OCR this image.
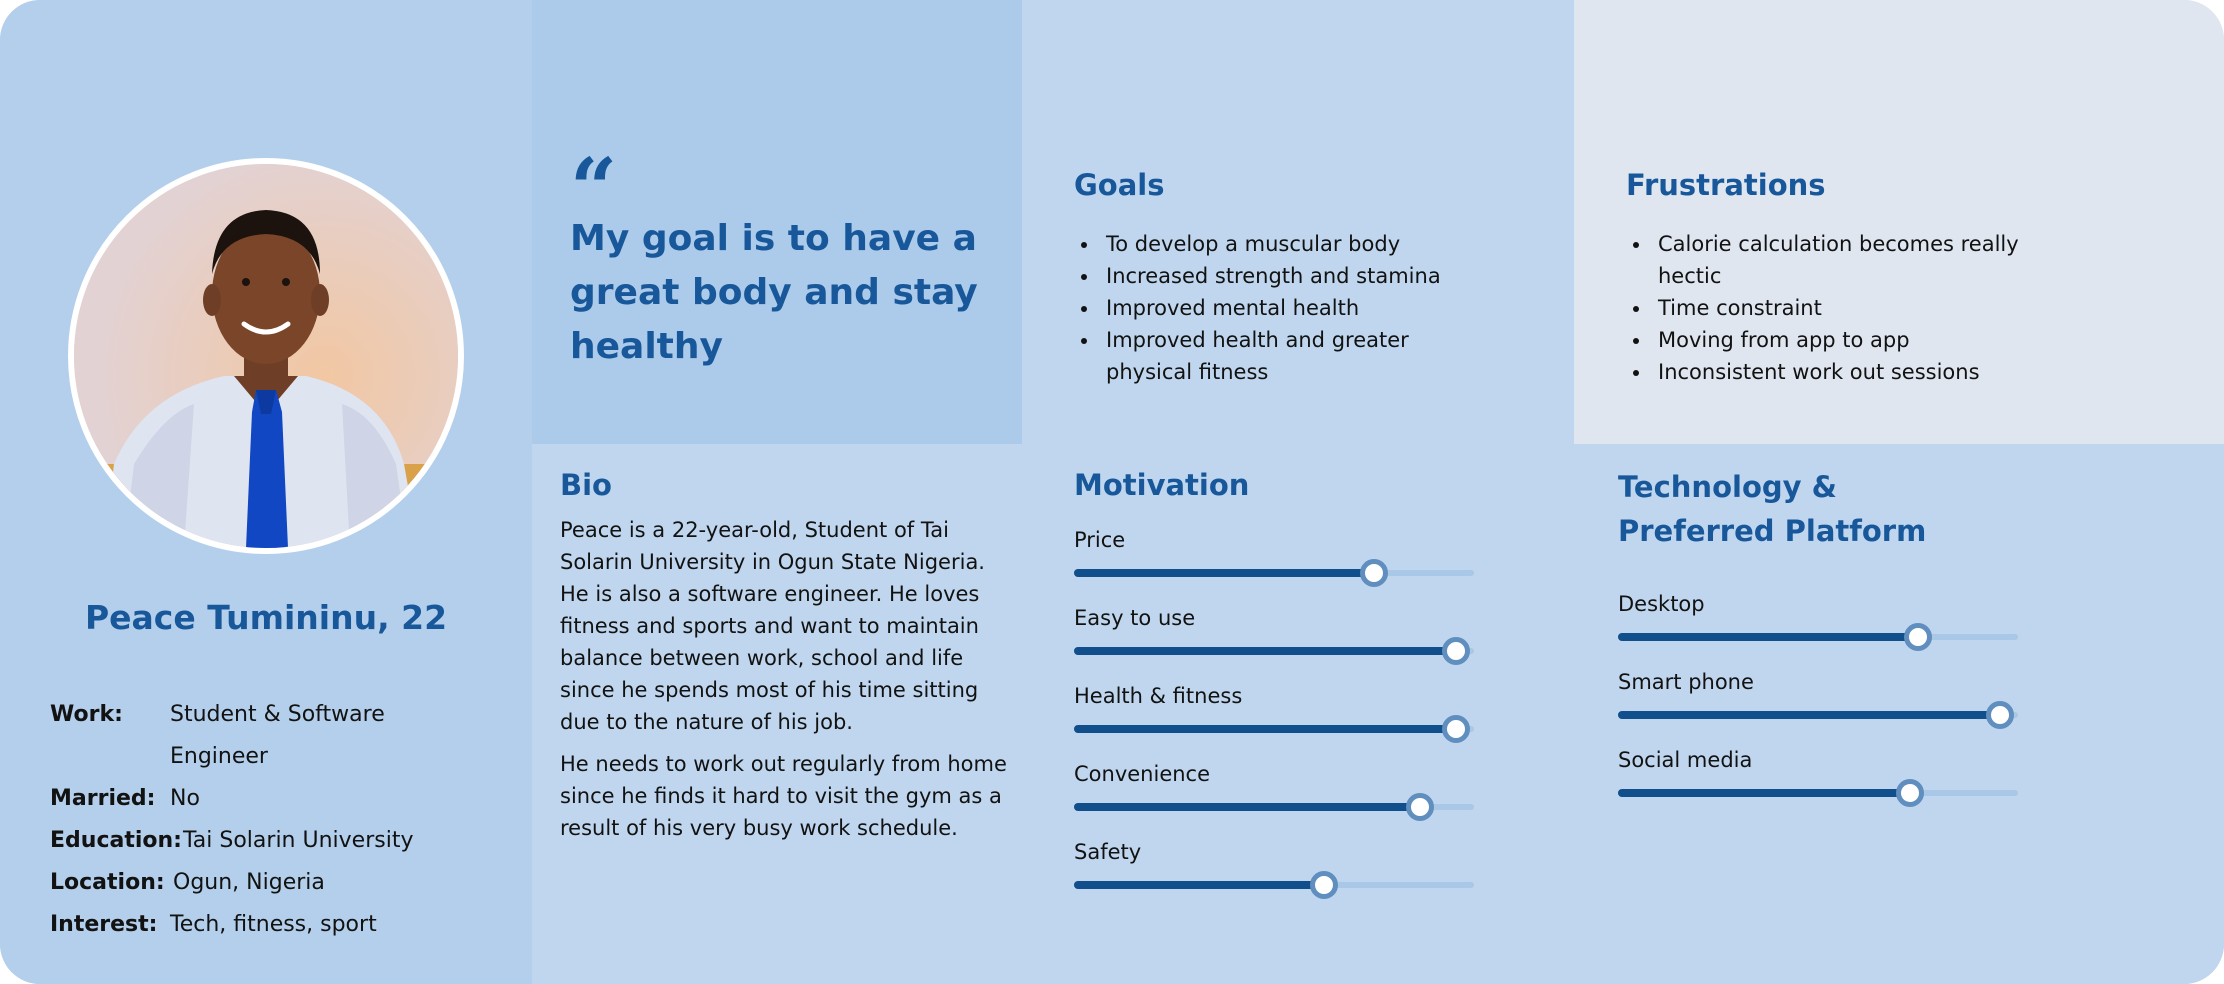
Peace Tumininu, 22
Work: Student & Software
Engineer
Married: No
Education: Tai Solarin University
Location: Ogun, Nigeria
Interest: Tech, fitness, sport
“
My goal is to have a great body and stay healthy
Goals
• To develop a muscular body
• Increased strength and stamina
• Improved mental health
• Improved health and greater physical fitness
Frustrations
• Calorie calculation becomes really hectic
• Time constraint
• Moving from app to app
• Inconsistent work out sessions
Bio

Peace is a 22-year-old, Student of Tai Solarin University in Ogun State Nigeria. He is also a software engineer. He loves fitness and sports and want to maintain balance between work, school and life since he spends most of his time sitting due to the nature of his job.

He needs to work out regularly from home since he finds it hard to visit the gym as a result of his very busy work schedule.

Motivation
Price
Easy to use
Health & fitness
Convenience
Safety
Technology &
Preferred Platform
Desktop
Smart phone
Social media
